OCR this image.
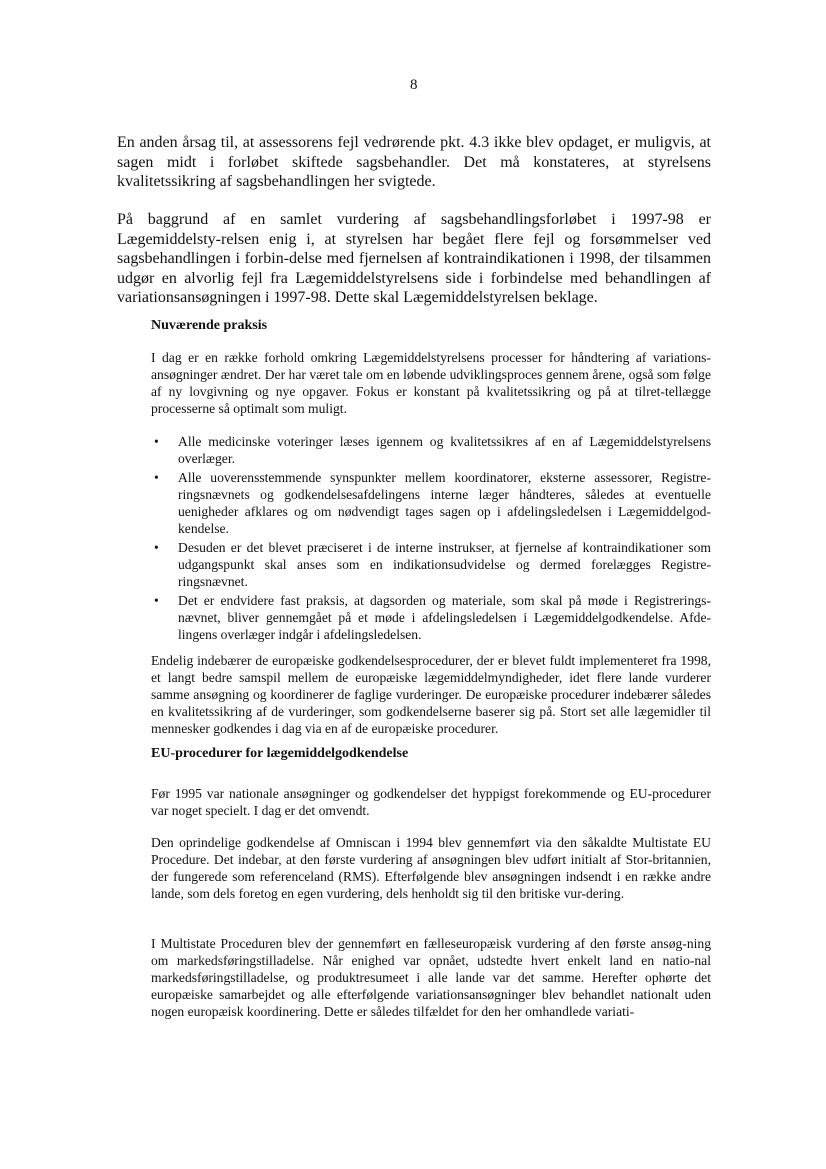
8

En anden årsag til, at assessorens fejl vedrørende pkt. 4.3 ikke blev opdaget, er muligvis, at sagen midt i forløbet skiftede sagsbehandler. Det må konstateres, at styrelsens kvalitetssikring af sagsbehandlingen her svigtede.

På baggrund af en samlet vurdering af sagsbehandlingsforløbet i 1997-98 er Lægemiddelsty-relsen enig i, at styrelsen har begået flere fejl og forsømmelser ved sagsbehandlingen i forbin-delse med fjernelsen af kontraindikationen i 1998, der tilsammen udgør en alvorlig fejl fra Lægemiddelstyrelsens side i forbindelse med behandlingen af variationsansøgningen i 1997-98. Dette skal Lægemiddelstyrelsen beklage.

Nuværende praksis

I dag er en række forhold omkring Lægemiddelstyrelsens processer for håndtering af variations-ansøgninger ændret. Der har været tale om en løbende udviklingsproces gennem årene, også som følge af ny lovgivning og nye opgaver. Fokus er konstant på kvalitetssikring og på at tilret-tellægge processerne så optimalt som muligt.

• Alle medicinske voteringer læses igennem og kvalitetssikres af en af Lægemiddelstyrelsens overlæger.
• Alle uoverensstemmende synspunkter mellem koordinatorer, eksterne assessorer, Registre-ringsnævnets og godkendelsesafdelingens interne læger håndteres, således at eventuelle uenigheder afklares og om nødvendigt tages sagen op i afdelingsledelsen i Lægemiddelgod-kendelse.
• Desuden er det blevet præciseret i de interne instrukser, at fjernelse af kontraindikationer som udgangspunkt skal anses som en indikationsudvidelse og dermed forelægges Registre-ringsnævnet.
• Det er endvidere fast praksis, at dagsorden og materiale, som skal på møde i Registrerings-nævnet, bliver gennemgået på et møde i afdelingsledelsen i Lægemiddelgodkendelse. Afde-lingens overlæger indgår i afdelingsledelsen.

Endelig indebærer de europæiske godkendelsesprocedurer, der er blevet fuldt implementeret fra 1998, et langt bedre samspil mellem de europæiske lægemiddelmyndigheder, idet flere lande vurderer samme ansøgning og koordinerer de faglige vurderinger. De europæiske procedurer indebærer således en kvalitetssikring af de vurderinger, som godkendelserne baserer sig på. Stort set alle lægemidler til mennesker godkendes i dag via en af de europæiske procedurer.

EU-procedurer for lægemiddelgodkendelse

Før 1995 var nationale ansøgninger og godkendelser det hyppigst forekommende og EU-procedurer var noget specielt. I dag er det omvendt.

Den oprindelige godkendelse af Omniscan i 1994 blev gennemført via den såkaldte Multistate EU Procedure. Det indebar, at den første vurdering af ansøgningen blev udført initialt af Stor-britannien, der fungerede som referenceland (RMS). Efterfølgende blev ansøgningen indsendt i en række andre lande, som dels foretog en egen vurdering, dels henholdt sig til den britiske vur-dering.

I Multistate Proceduren blev der gennemført en fælleseuropæisk vurdering af den første ansøg-ning om markedsføringstilladelse. Når enighed var opnået, udstedte hvert enkelt land en natio-nal markedsføringstilladelse, og produktresumeet i alle lande var det samme. Herefter ophørte det europæiske samarbejdet og alle efterfølgende variationsansøgninger blev behandlet nationalt uden nogen europæisk koordinering. Dette er således tilfældet for den her omhandlede variati-
